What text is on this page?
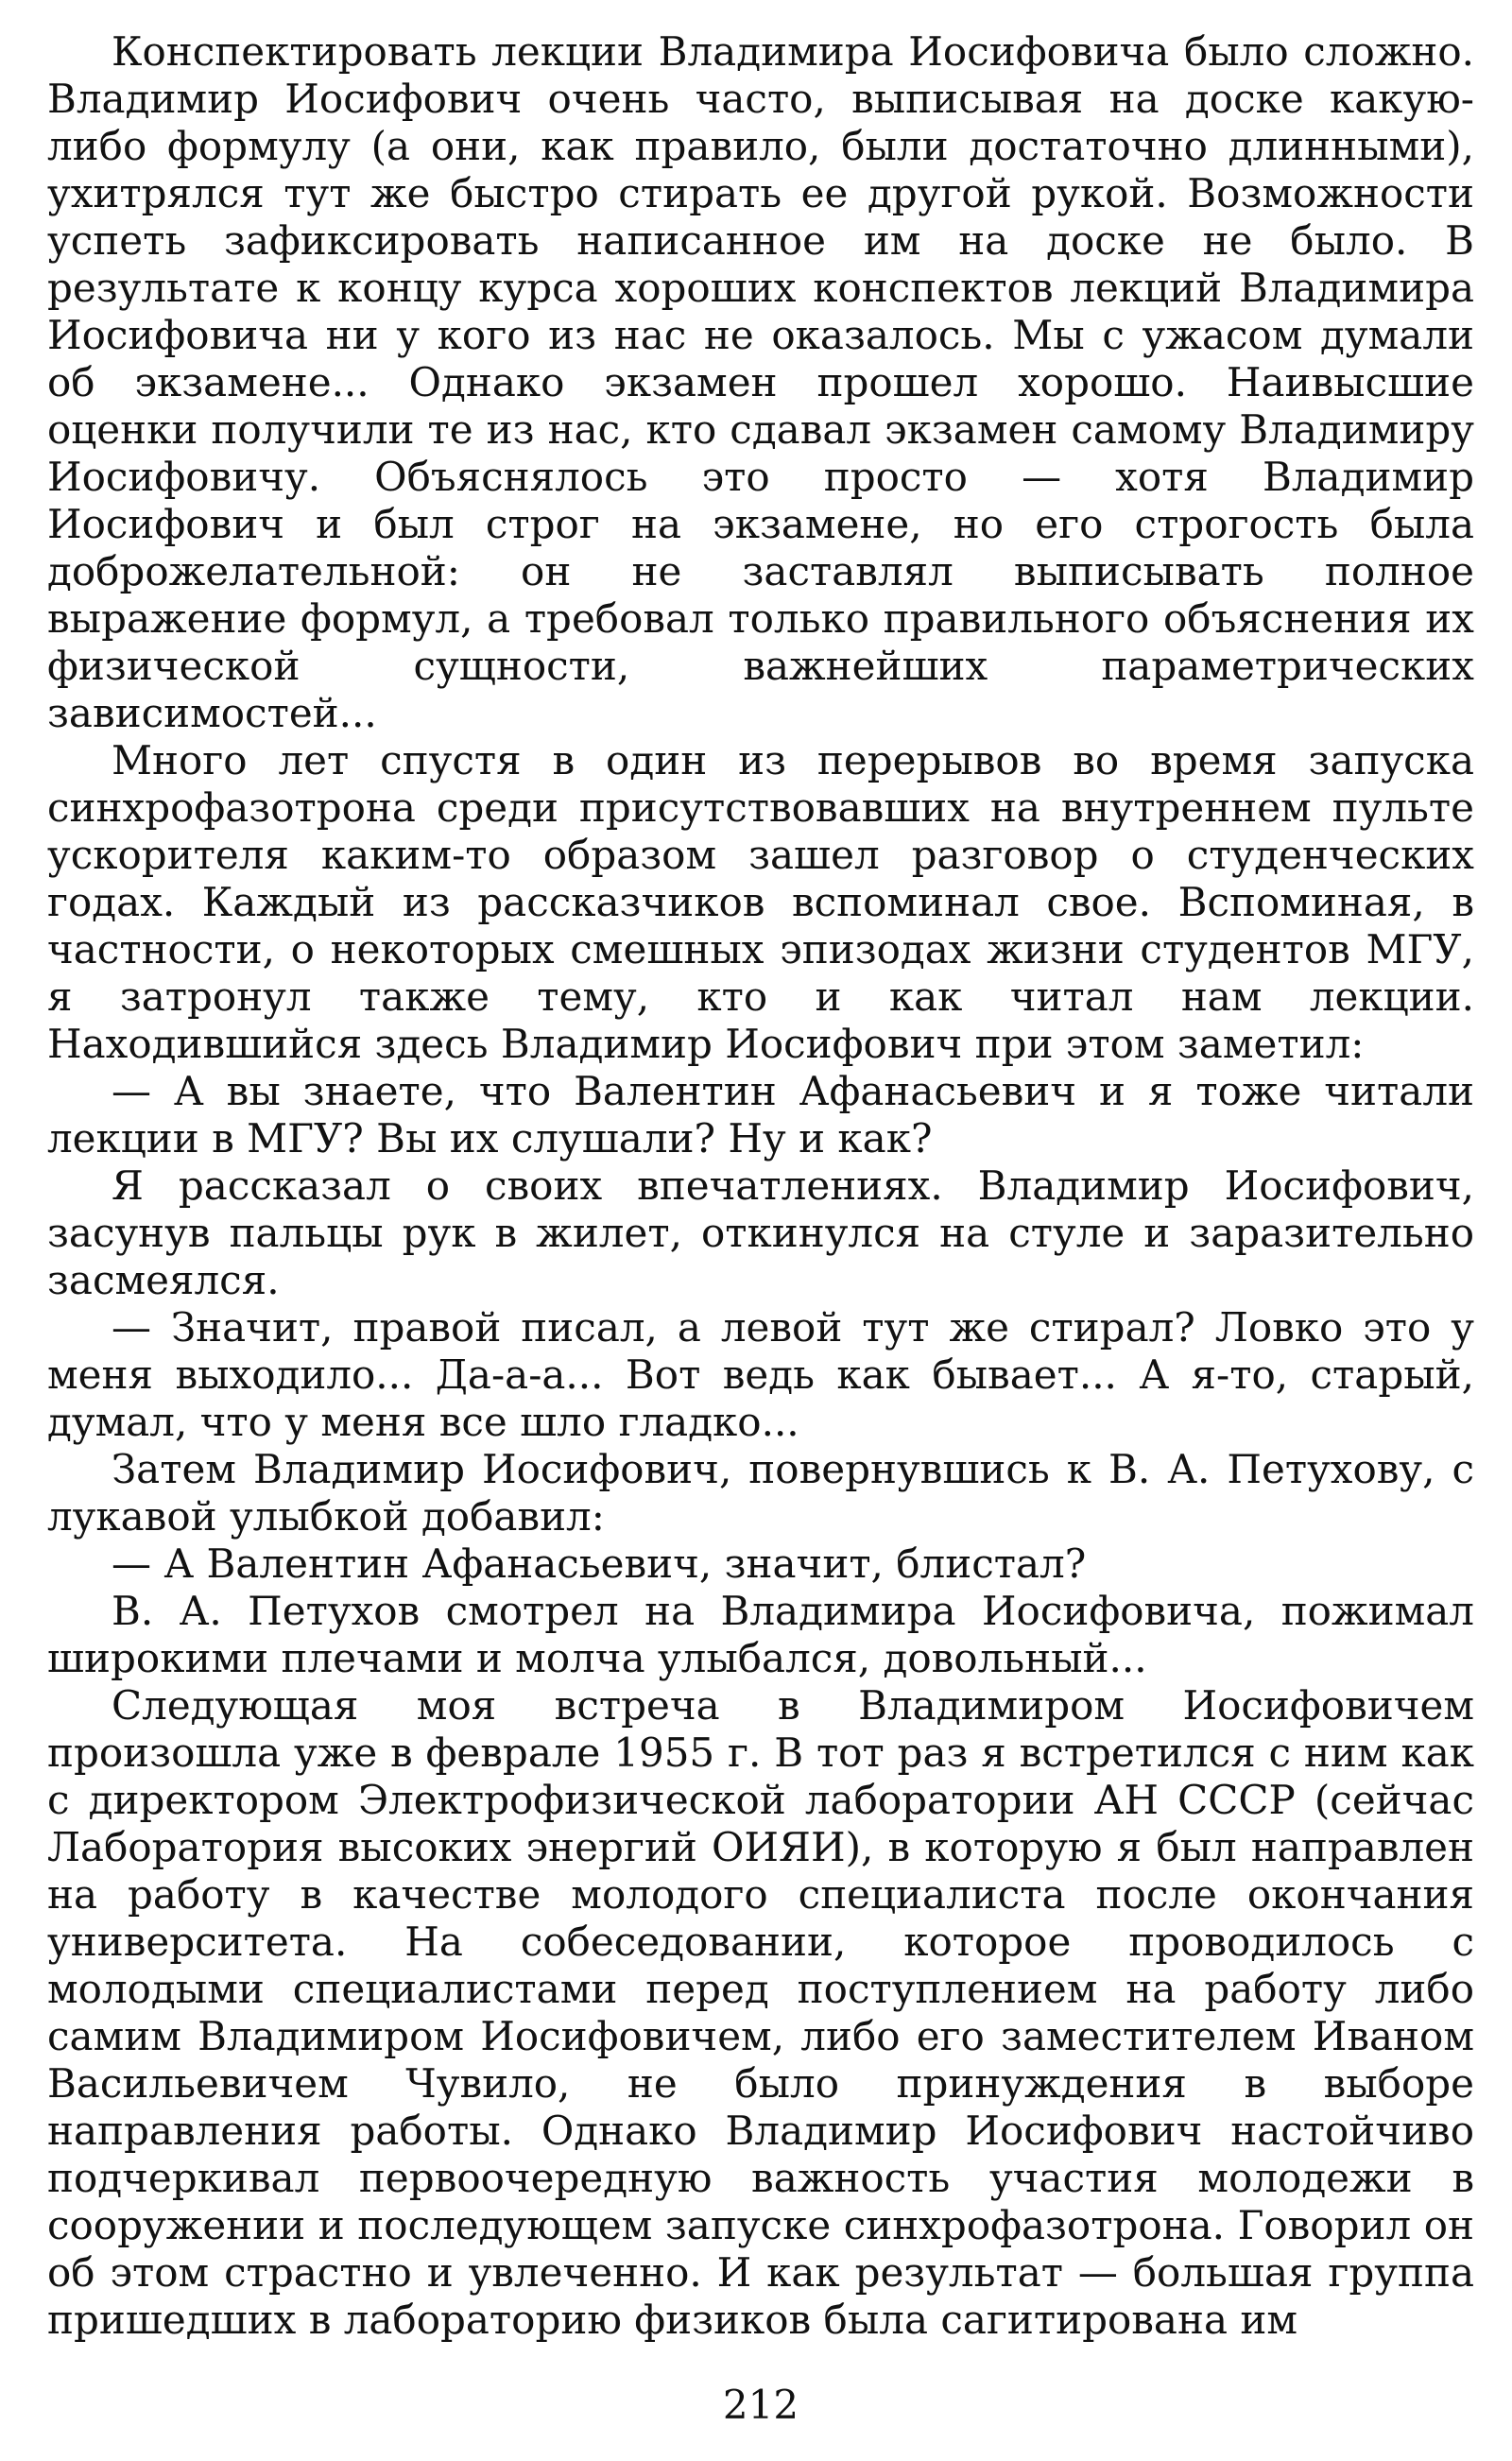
Конспектировать лекции Владимира Иосифовича было сложно. Владимир Иосифович очень часто, выписывая на доске какую-либо формулу (а они, как правило, были достаточно длинными), ухитрялся тут же быстро стирать ее другой рукой. Возможности успеть зафиксировать написанное им на доске не было. В результате к концу курса хороших конспектов лекций Владимира Иосифовича ни у кого из нас не оказалось. Мы с ужасом думали об экзамене... Однако экзамен прошел хорошо. Наивысшие оценки получили те из нас, кто сдавал экзамен самому Владимиру Иосифовичу. Объяснялось это просто — хотя Владимир Иосифович и был строг на экзамене, но его строгость была доброжелательной: он не заставлял выписывать полное выражение формул, а требовал только правильного объяснения их физической сущности, важнейших параметрических зависимостей...

Много лет спустя в один из перерывов во время запуска синхрофазотрона среди присутствовавших на внутреннем пульте ускорителя каким-то образом зашел разговор о студенческих годах. Каждый из рассказчиков вспоминал свое. Вспоминая, в частности, о некоторых смешных эпизодах жизни студентов МГУ, я затронул также тему, кто и как читал нам лекции. Находившийся здесь Владимир Иосифович при этом заметил:

— А вы знаете, что Валентин Афанасьевич и я тоже читали лекции в МГУ? Вы их слушали? Ну и как?

Я рассказал о своих впечатлениях. Владимир Иосифович, засунув пальцы рук в жилет, откинулся на стуле и заразительно засмеялся.

— Значит, правой писал, а левой тут же стирал? Ловко это у меня выходило... Да-а-а... Вот ведь как бывает... А я-то, старый, думал, что у меня все шло гладко...

Затем Владимир Иосифович, повернувшись к В. А. Петухову, с лукавой улыбкой добавил:

— А Валентин Афанасьевич, значит, блистал?

В. А. Петухов смотрел на Владимира Иосифовича, пожимал широкими плечами и молча улыбался, довольный...

Следующая моя встреча в Владимиром Иосифовичем произошла уже в феврале 1955 г. В тот раз я встретился с ним как с директором Электрофизической лаборатории АН СССР (сейчас Лаборатория высоких энергий ОИЯИ), в которую я был направлен на работу в качестве молодого специалиста после окончания университета. На собеседовании, которое проводилось с молодыми специалистами перед поступлением на работу либо самим Владимиром Иосифовичем, либо его заместителем Иваном Васильевичем Чувило, не было принуждения в выборе направления работы. Однако Владимир Иосифович настойчиво подчеркивал первоочередную важность участия молодежи в сооружении и последующем запуске синхрофазотрона. Говорил он об этом страстно и увлеченно. И как результат — большая группа пришедших в лабораторию физиков была сагитирована им

212
